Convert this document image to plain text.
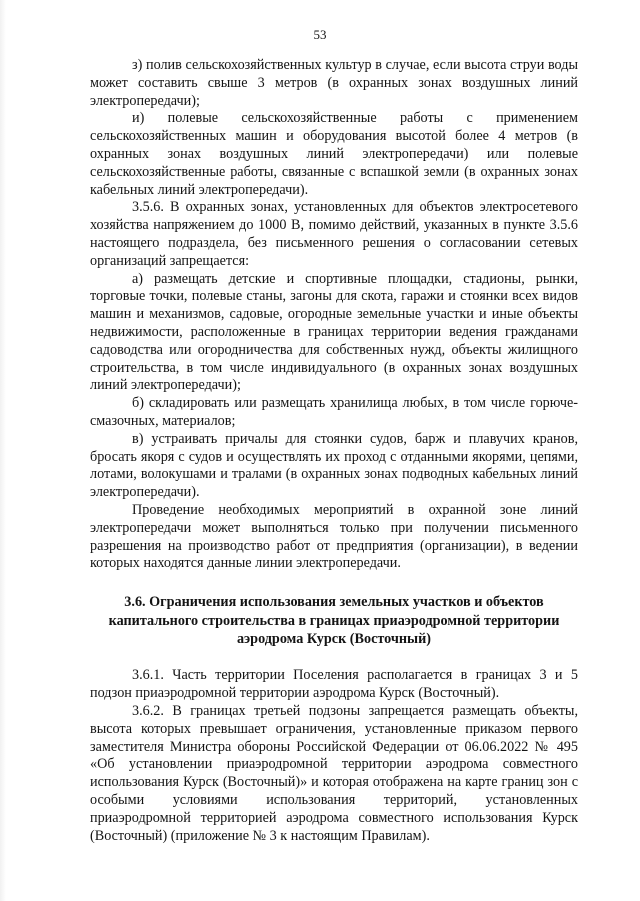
53

з) полив сельскохозяйственных культур в случае, если высота струи воды может составить свыше 3 метров (в охранных зонах воздушных линий электропередачи);

и) полевые сельскохозяйственные работы с применением сельскохозяйственных машин и оборудования высотой более 4 метров (в охранных зонах воздушных линий электропередачи) или полевые сельскохозяйственные работы, связанные с вспашкой земли (в охранных зонах кабельных линий электропередачи).

3.5.6. В охранных зонах, установленных для объектов электросетевого хозяйства напряжением до 1000 В, помимо действий, указанных в пункте 3.5.6 настоящего подраздела, без письменного решения о согласовании сетевых организаций запрещается:

а) размещать детские и спортивные площадки, стадионы, рынки, торговые точки, полевые станы, загоны для скота, гаражи и стоянки всех видов машин и механизмов, садовые, огородные земельные участки и иные объекты недвижимости, расположенные в границах территории ведения гражданами садоводства или огородничества для собственных нужд, объекты жилищного строительства, в том числе индивидуального (в охранных зонах воздушных линий электропередачи);

б) складировать или размещать хранилища любых, в том числе горюче-смазочных, материалов;

в) устраивать причалы для стоянки судов, барж и плавучих кранов, бросать якоря с судов и осуществлять их проход с отданными якорями, цепями, лотами, волокушами и тралами (в охранных зонах подводных кабельных линий электропередачи).

Проведение необходимых мероприятий в охранной зоне линий электропередачи может выполняться только при получении письменного разрешения на производство работ от предприятия (организации), в ведении которых находятся данные линии электропередачи.

3.6. Ограничения использования земельных участков и объектов капитального строительства в границах приаэродромной территории аэродрома Курск (Восточный)

3.6.1. Часть территории Поселения располагается в границах 3 и 5 подзон приаэродромной территории аэродрома Курск (Восточный).

3.6.2. В границах третьей подзоны запрещается размещать объекты, высота которых превышает ограничения, установленные приказом первого заместителя Министра обороны Российской Федерации от 06.06.2022 № 495 «Об установлении приаэродромной территории аэродрома совместного использования Курск (Восточный)» и которая отображена на карте границ зон с особыми условиями использования территорий, установленных приаэродромной территорией аэродрома совместного использования Курск (Восточный) (приложение № 3 к настоящим Правилам).
